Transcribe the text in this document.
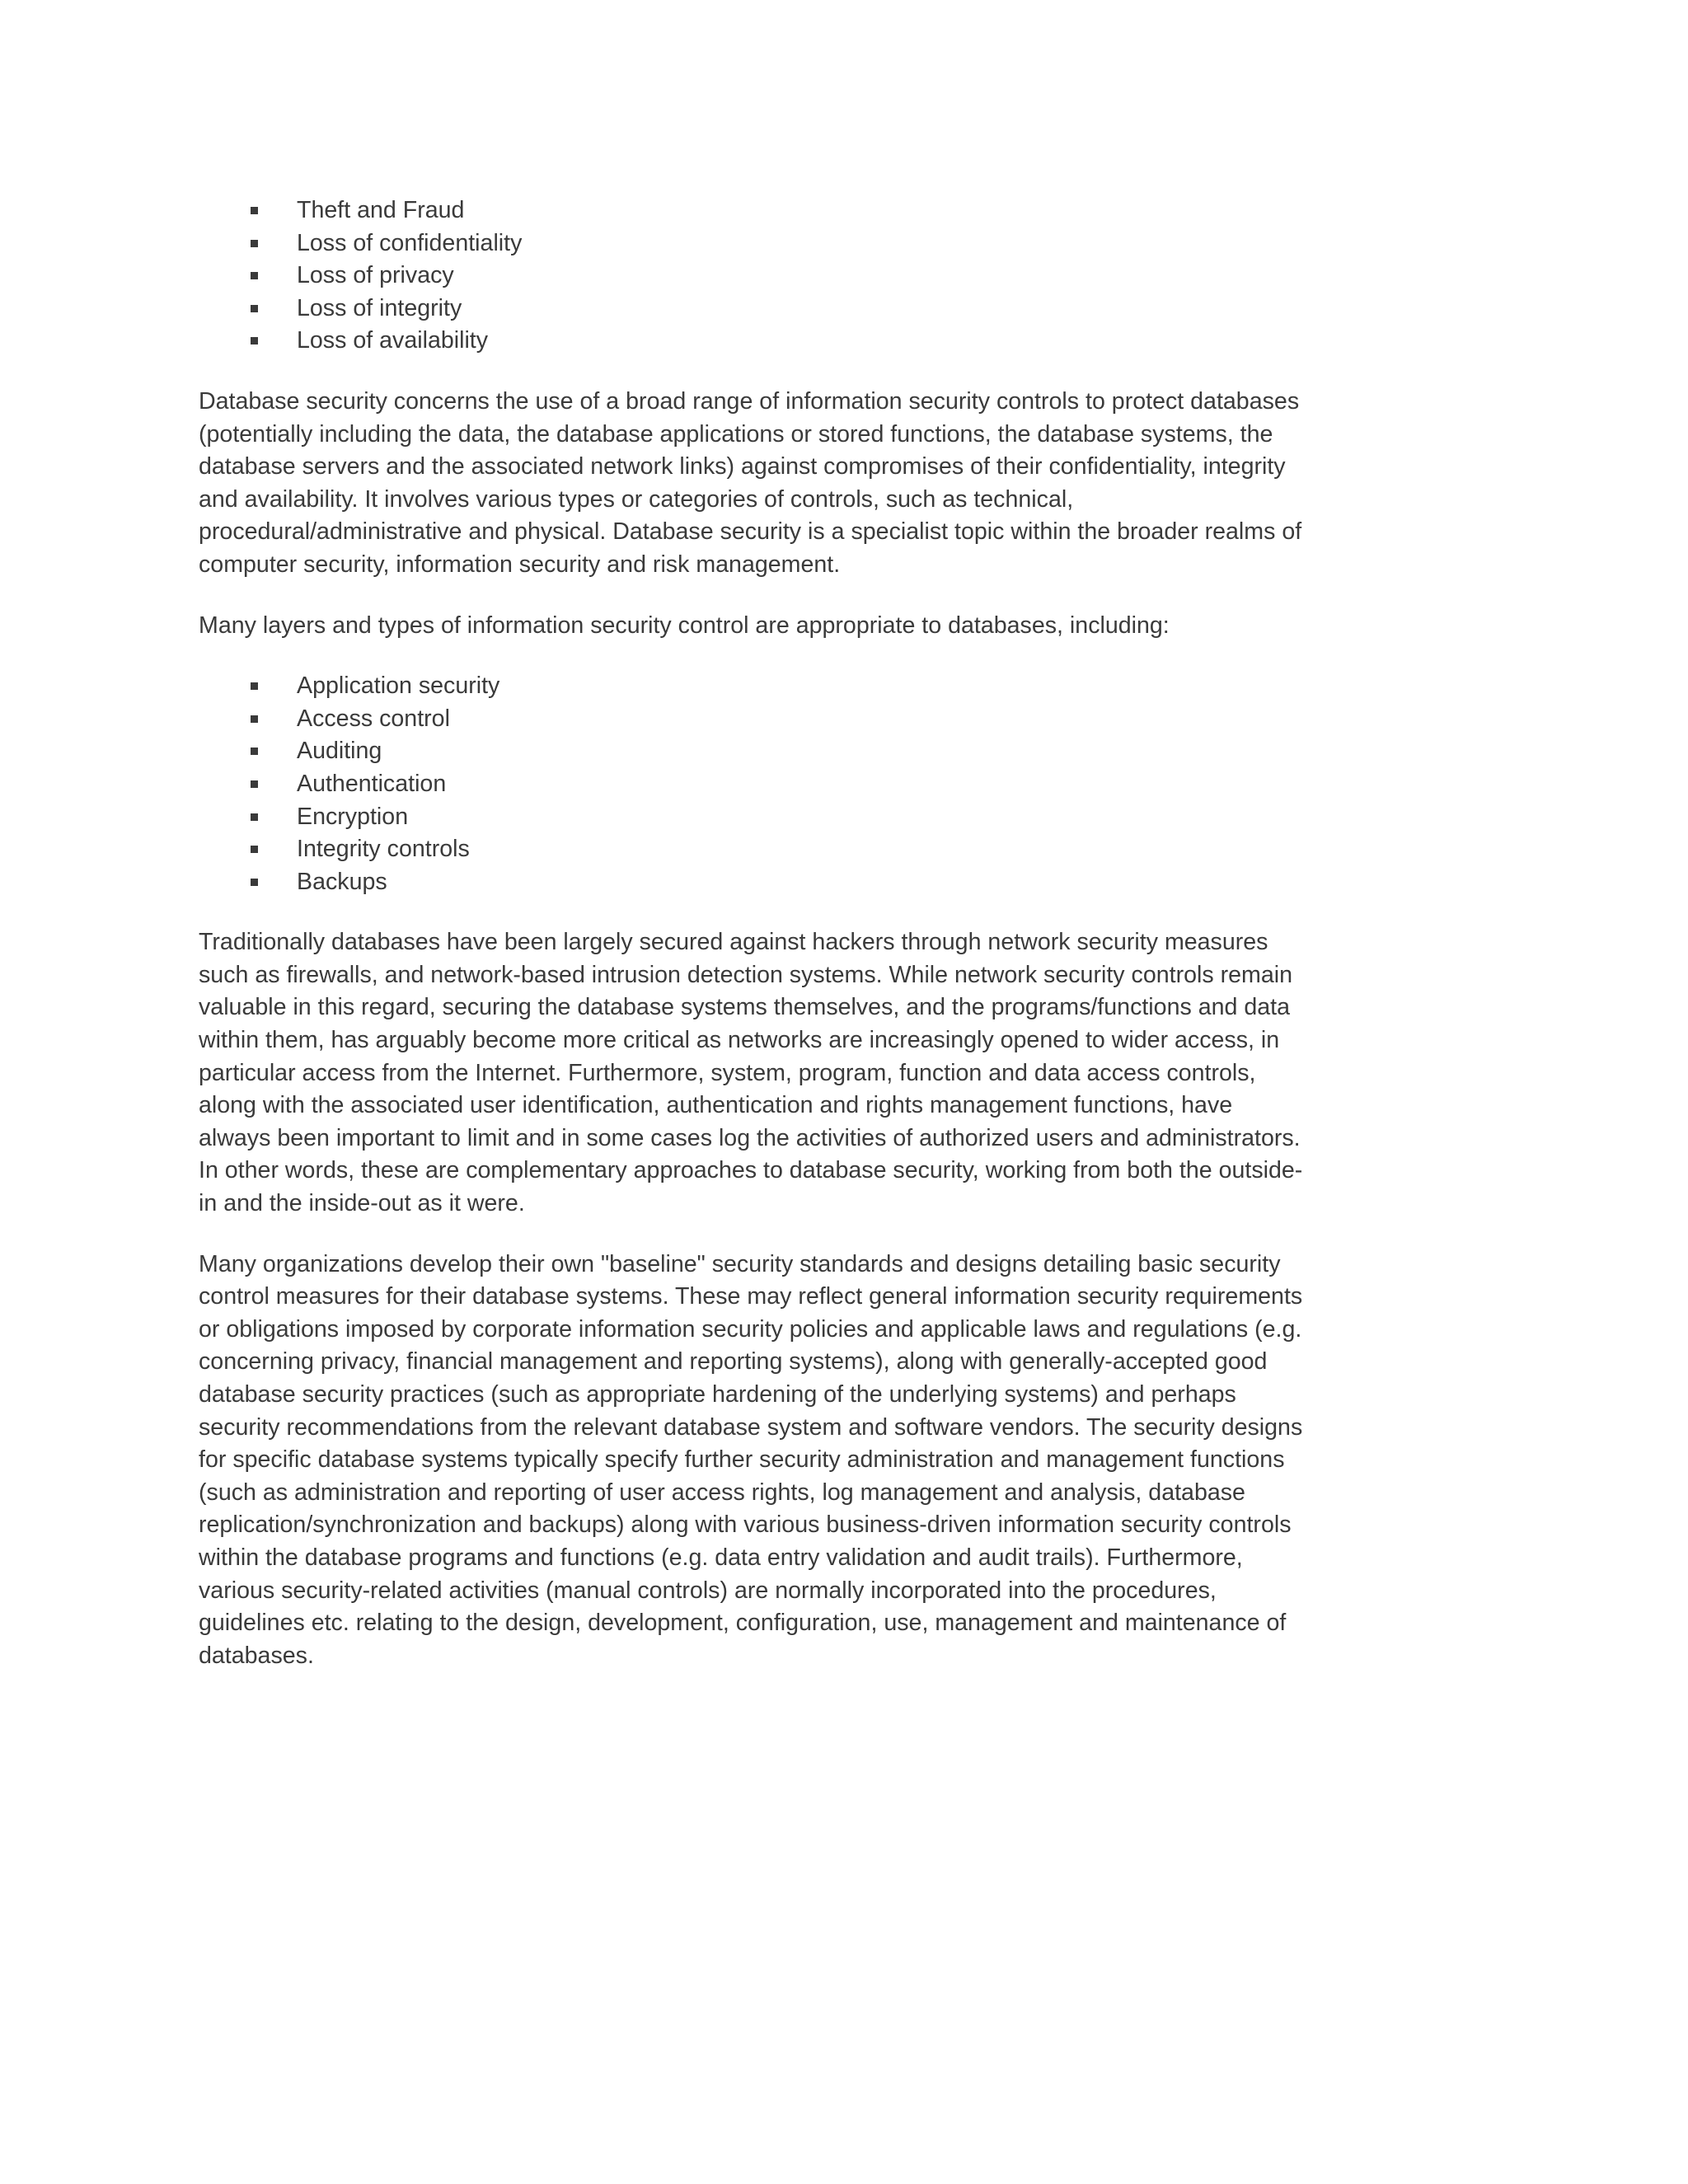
Theft and Fraud
Loss of confidentiality
Loss of privacy
Loss of integrity
Loss of availability

Database security concerns the use of a broad range of information security controls to protect databases
(potentially including the data, the database applications or stored functions, the database systems, the
database servers and the associated network links) against compromises of their confidentiality, integrity
and availability. It involves various types or categories of controls, such as technical,
procedural/administrative and physical. Database security is a specialist topic within the broader realms of
computer security, information security and risk management.

Many layers and types of information security control are appropriate to databases, including:

Application security
Access control
Auditing
Authentication
Encryption
Integrity controls
Backups

Traditionally databases have been largely secured against hackers through network security measures
such as firewalls, and network-based intrusion detection systems. While network security controls remain
valuable in this regard, securing the database systems themselves, and the programs/functions and data
within them, has arguably become more critical as networks are increasingly opened to wider access, in
particular access from the Internet. Furthermore, system, program, function and data access controls,
along with the associated user identification, authentication and rights management functions, have
always been important to limit and in some cases log the activities of authorized users and administrators.
In other words, these are complementary approaches to database security, working from both the outside-
in and the inside-out as it were.

Many organizations develop their own "baseline" security standards and designs detailing basic security
control measures for their database systems. These may reflect general information security requirements
or obligations imposed by corporate information security policies and applicable laws and regulations (e.g.
concerning privacy, financial management and reporting systems), along with generally-accepted good
database security practices (such as appropriate hardening of the underlying systems) and perhaps
security recommendations from the relevant database system and software vendors. The security designs
for specific database systems typically specify further security administration and management functions
(such as administration and reporting of user access rights, log management and analysis, database
replication/synchronization and backups) along with various business-driven information security controls
within the database programs and functions (e.g. data entry validation and audit trails). Furthermore,
various security-related activities (manual controls) are normally incorporated into the procedures,
guidelines etc. relating to the design, development, configuration, use, management and maintenance of
databases.
